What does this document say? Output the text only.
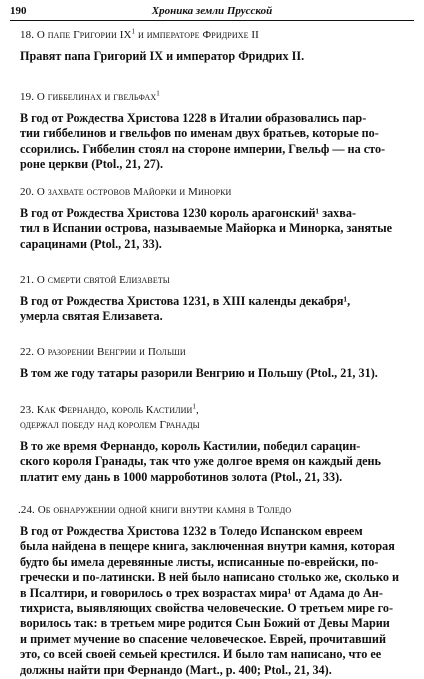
190	Хроника земли Прусской
18. О папе Григории $IX^1$ и императоре Фридрихе II

Правят папа Григорий IX и император Фридрих II.

19. О гиббелинах и гвельфах$^1$

В год от Рождества Христова 1228 в Италии образовались пар-
тии гиббелинов и гвельфов по именам двух братьев, которые по-
ссорились. Гиббелин стоял на стороне империи, Гвельф — на сто-
роне церкви (Ptol., 21, 27).

20. О захвате островов Майорки и Минорки

В год от Рождества Христова 1230 король арагонский¹ захва-
тил в Испании острова, называемые Майорка и Минорка, занятые
сарацинами (Ptol., 21, 33).

21. О смерти святой Елизаветы

В год от Рождества Христова 1231, в XIII календы декабря¹,
умерла святая Елизавета.

22. О разорении Венгрии и Польши

В том же году татары разорили Венгрию и Польшу (Ptol., 21, 31).

23. Как Фернандо, король Кастилии$^1$,
одержал победу над королем Гранады

В то же время Фернандо, король Кастилии, победил сарацин-
ского короля Гранады, так что уже долгое время он каждый день
платит ему дань в 1000 марроботинов золота (Ptol., 21, 33).

.24. Об обнаружении одной книги внутри камня в Толедо

В год от Рождества Христова 1232 в Толедо Испанском евреем
была найдена в пещере книга, заключенная внутри камня, которая
будто бы имела деревянные листы, исписанные по-еврейски, по-
гречески и по-латински. В ней было написано столько же, сколько и
в Псалтири, и говорилось о трех возрастах мира¹ от Адама до Ан-
тихриста, выявляющих свойства человеческие. О третьем мире го-
ворилось так: в третьем мире родится Сын Божий от Девы Марии
и примет мучение во спасение человеческое. Еврей, прочитавший
это, со всей своей семьей крестился. И было там написано, что ее
должны найти при Фернандо (Mart., p. 400; Ptol., 21, 34).
